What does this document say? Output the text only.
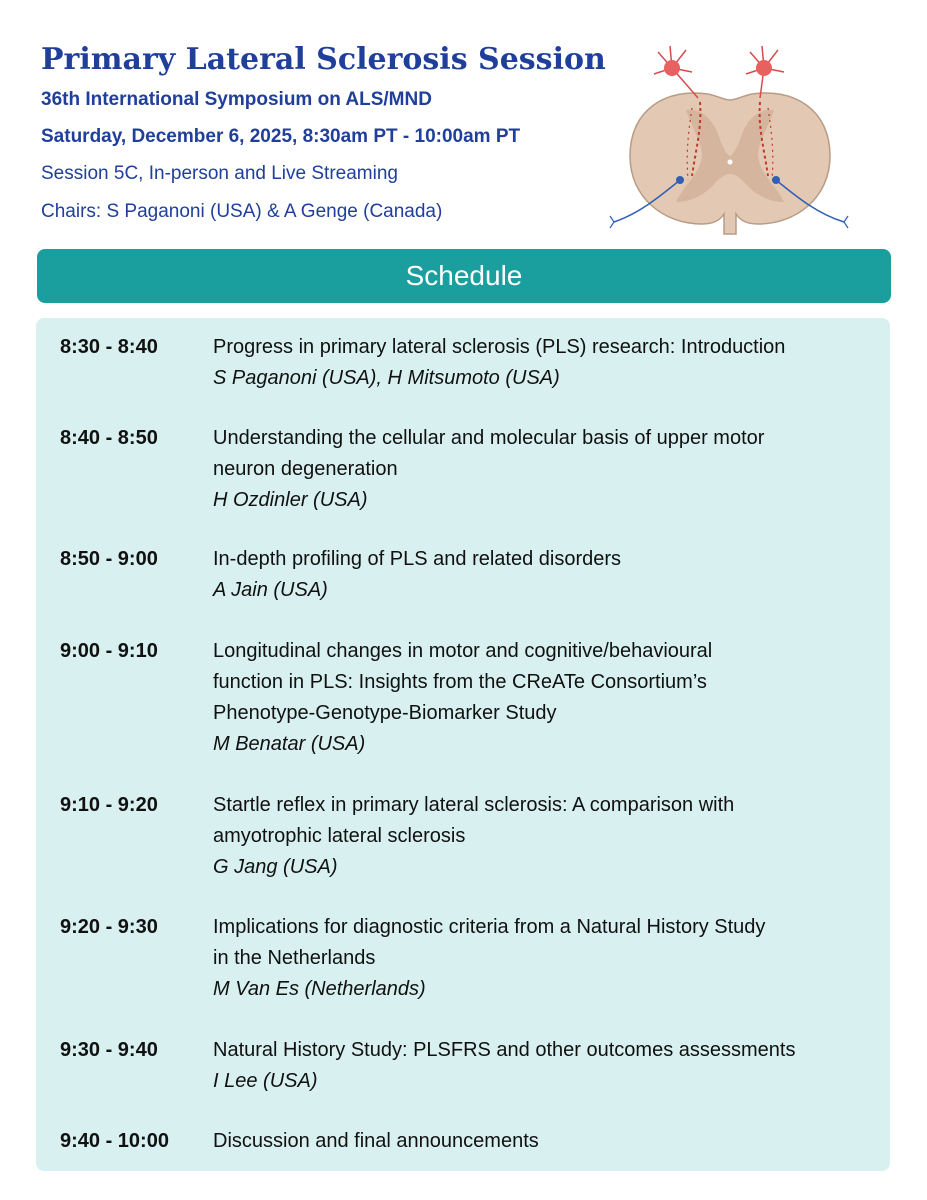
Primary Lateral Sclerosis Session
36th International Symposium on ALS/MND
Saturday, December 6, 2025, 8:30am PT - 10:00am PT
Session 5C, In-person and Live Streaming
Chairs: S Paganoni (USA) & A Genge (Canada)
Schedule
8:30 - 8:40	Progress in primary lateral sclerosis (PLS) research: Introduction
S Paganoni (USA), H Mitsumoto (USA)
8:40 - 8:50	Understanding the cellular and molecular basis of upper motor
neuron degeneration
H Ozdinler (USA)
8:50 - 9:00	In-depth profiling of PLS and related disorders
A Jain (USA)
9:00 - 9:10	Longitudinal changes in motor and cognitive/behavioural
function in PLS: Insights from the CReATe Consortium’s
Phenotype-Genotype-Biomarker Study
M Benatar (USA)
9:10 - 9:20	Startle reflex in primary lateral sclerosis: A comparison with
amyotrophic lateral sclerosis
G Jang (USA)
9:20 - 9:30	Implications for diagnostic criteria from a Natural History Study
in the Netherlands
M Van Es (Netherlands)
9:30 - 9:40	Natural History Study: PLSFRS and other outcomes assessments
I Lee (USA)
9:40 - 10:00	Discussion and final announcements
